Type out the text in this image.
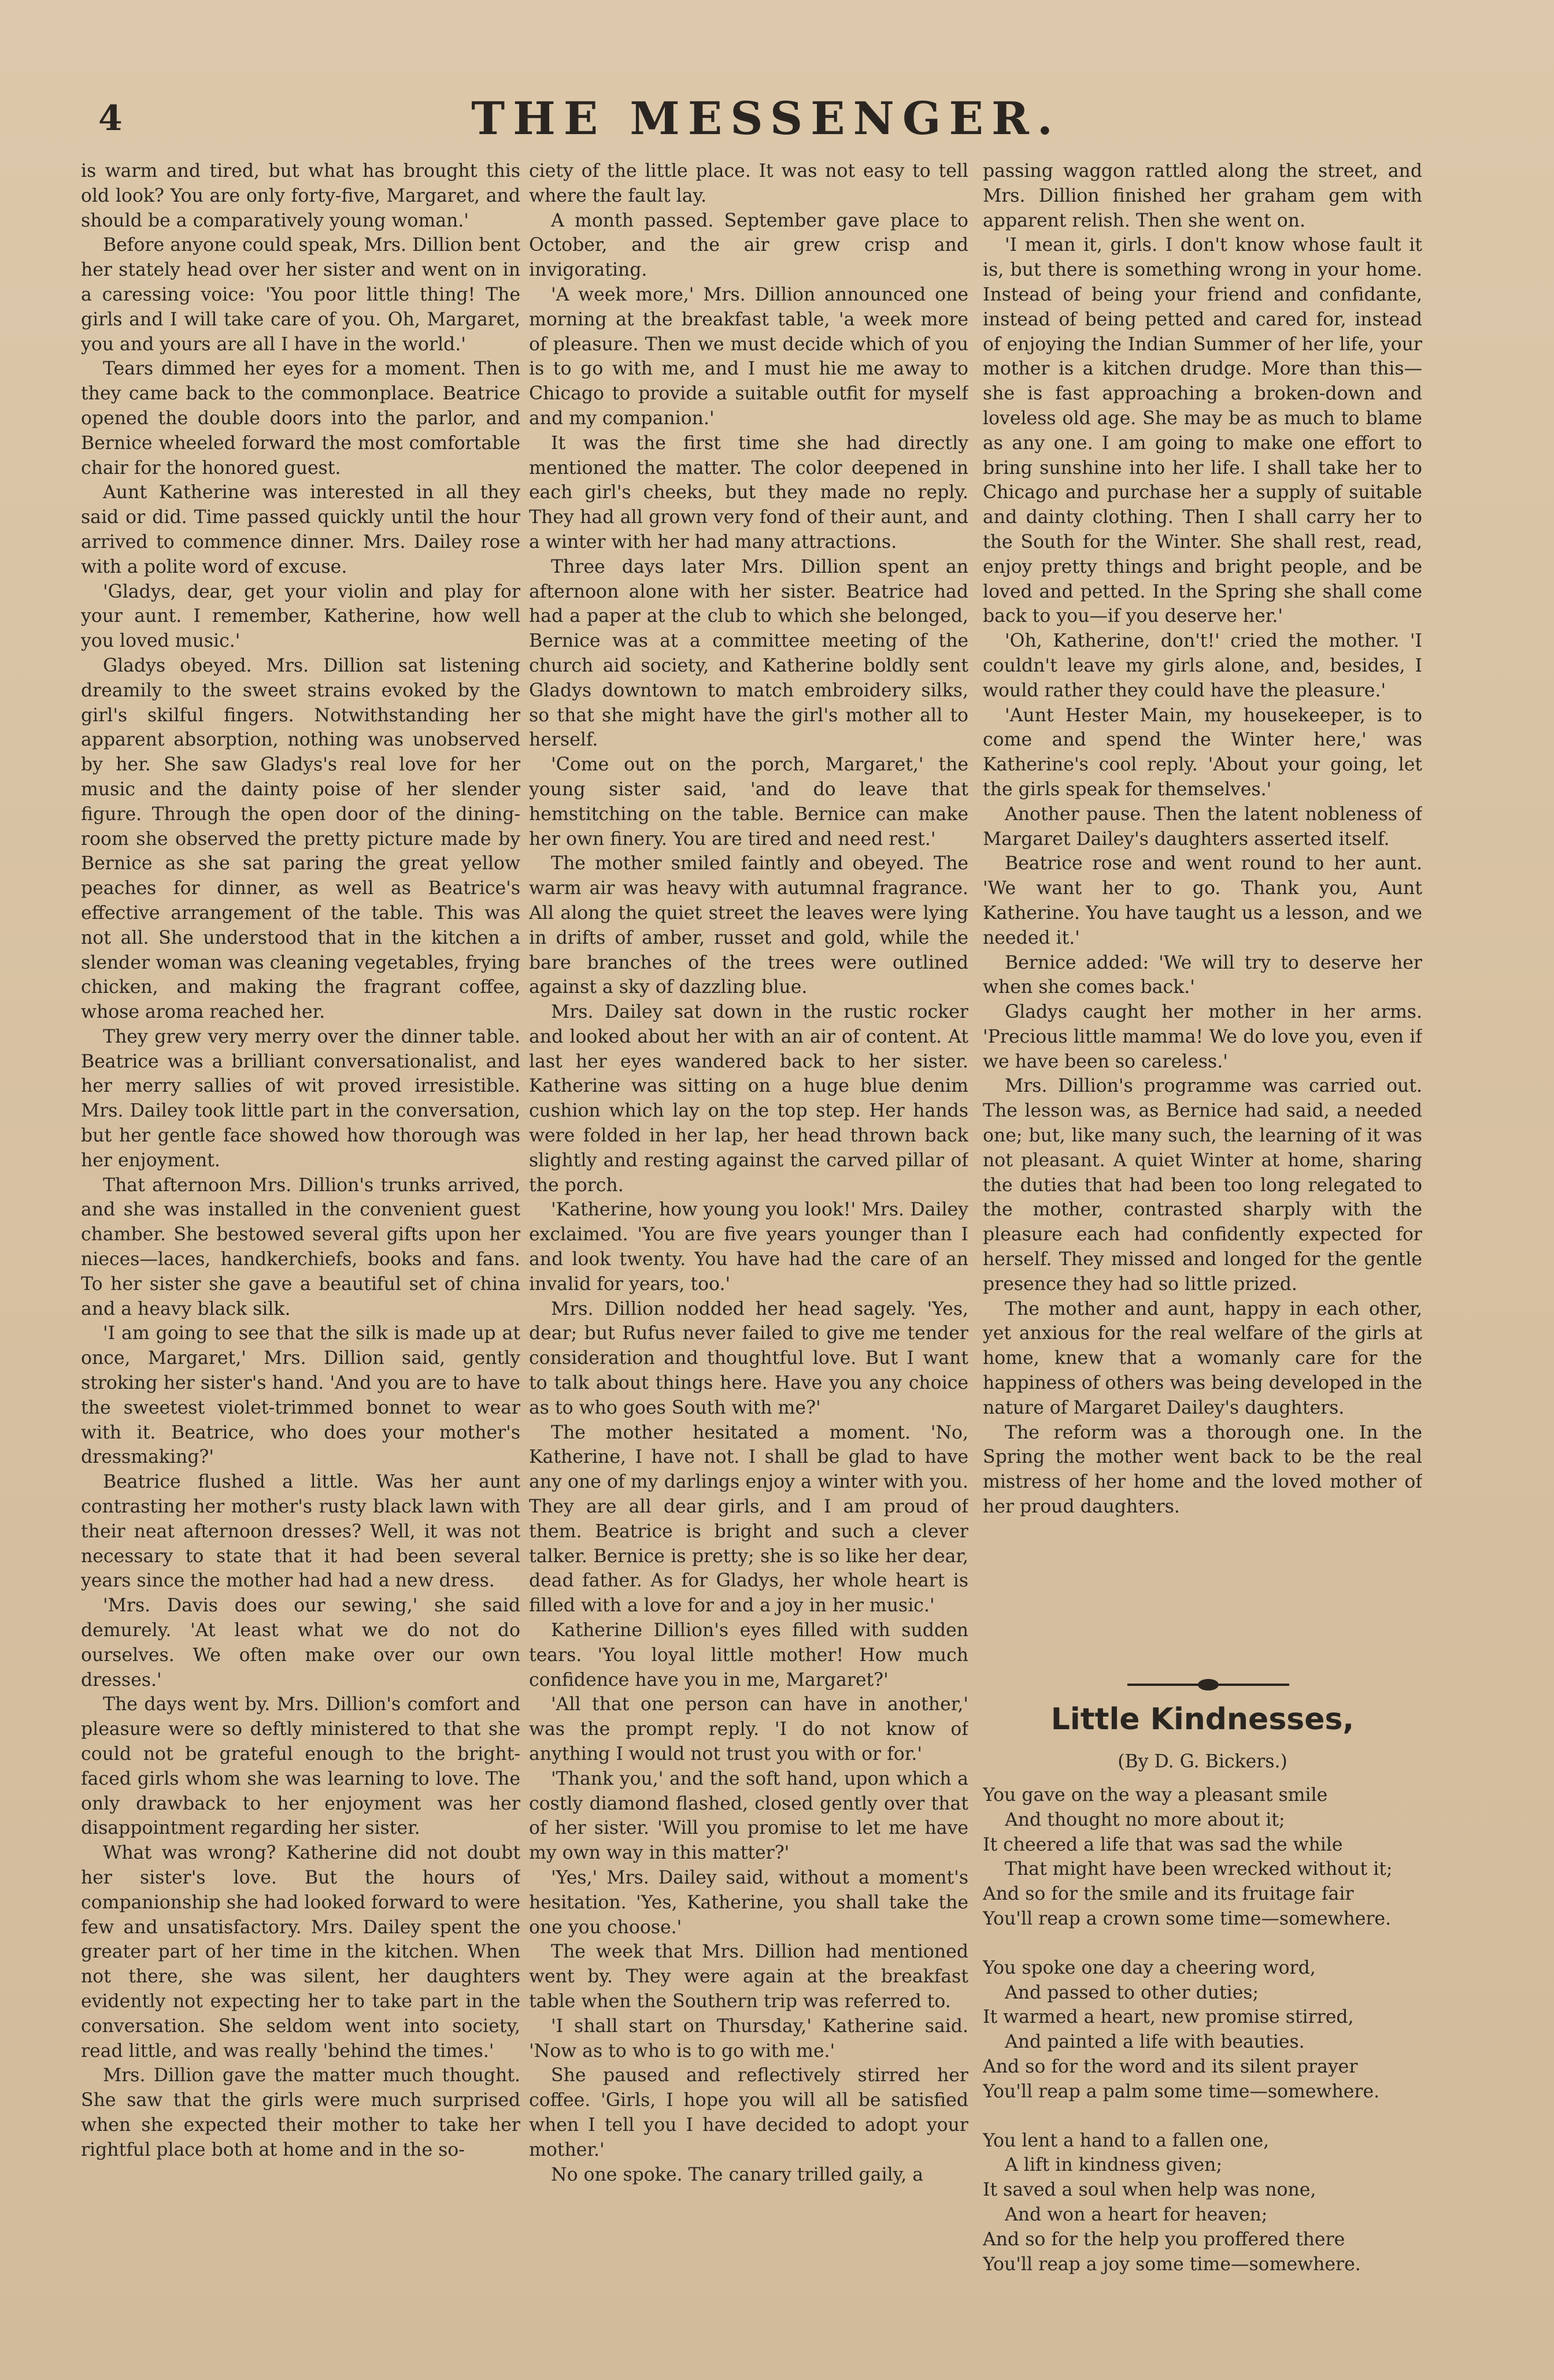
4	THE MESSENGER.

is warm and tired, but what has brought this old look? You are only forty-five, Margaret, and should be a comparatively young woman.'

Before anyone could speak, Mrs. Dillion bent her stately head over her sister and went on in a caressing voice: 'You poor little thing! The girls and I will take care of you. Oh, Margaret, you and yours are all I have in the world.'

Tears dimmed her eyes for a moment. Then they came back to the commonplace. Beatrice opened the double doors into the parlor, and Bernice wheeled forward the most comfortable chair for the honored guest.

Aunt Katherine was interested in all they said or did. Time passed quickly until the hour arrived to commence dinner. Mrs. Dailey rose with a polite word of excuse.

'Gladys, dear, get your violin and play for your aunt. I remember, Katherine, how well you loved music.'

Gladys obeyed. Mrs. Dillion sat listening dreamily to the sweet strains evoked by the girl's skilful fingers. Notwithstanding her apparent absorption, nothing was unobserved by her. She saw Gladys's real love for her music and the dainty poise of her slender figure. Through the open door of the dining-room she observed the pretty picture made by Bernice as she sat paring the great yellow peaches for dinner, as well as Beatrice's effective arrangement of the table. This was not all. She understood that in the kitchen a slender woman was cleaning vegetables, frying chicken, and making the fragrant coffee, whose aroma reached her.

They grew very merry over the dinner table. Beatrice was a brilliant conversationalist, and her merry sallies of wit proved irresistible. Mrs. Dailey took little part in the conversation, but her gentle face showed how thorough was her enjoyment.

That afternoon Mrs. Dillion's trunks arrived, and she was installed in the convenient guest chamber. She bestowed several gifts upon her nieces—laces, handkerchiefs, books and fans. To her sister she gave a beautiful set of china and a heavy black silk.

'I am going to see that the silk is made up at once, Margaret,' Mrs. Dillion said, gently stroking her sister's hand. 'And you are to have the sweetest violet-trimmed bonnet to wear with it. Beatrice, who does your mother's dressmaking?'

Beatrice flushed a little. Was her aunt contrasting her mother's rusty black lawn with their neat afternoon dresses? Well, it was not necessary to state that it had been several years since the mother had had a new dress.

'Mrs. Davis does our sewing,' she said demurely. 'At least what we do not do ourselves. We often make over our own dresses.'

The days went by. Mrs. Dillion's comfort and pleasure were so deftly ministered to that she could not be grateful enough to the bright-faced girls whom she was learning to love. The only drawback to her enjoyment was her disappointment regarding her sister.

What was wrong? Katherine did not doubt her sister's love. But the hours of companionship she had looked forward to were few and unsatisfactory. Mrs. Dailey spent the greater part of her time in the kitchen. When not there, she was silent, her daughters evidently not expecting her to take part in the conversation. She seldom went into society, read little, and was really 'behind the times.'

Mrs. Dillion gave the matter much thought. She saw that the girls were much surprised when she expected their mother to take her rightful place both at home and in the so-

ciety of the little place. It was not easy to tell where the fault lay.

A month passed. September gave place to October, and the air grew crisp and invigorating.

'A week more,' Mrs. Dillion announced one morning at the breakfast table, 'a week more of pleasure. Then we must decide which of you is to go with me, and I must hie me away to Chicago to provide a suitable outfit for myself and my companion.'

It was the first time she had directly mentioned the matter. The color deepened in each girl's cheeks, but they made no reply. They had all grown very fond of their aunt, and a winter with her had many attractions.

Three days later Mrs. Dillion spent an afternoon alone with her sister. Beatrice had had a paper at the club to which she belonged, Bernice was at a committee meeting of the church aid society, and Katherine boldly sent Gladys downtown to match embroidery silks, so that she might have the girl's mother all to herself.

'Come out on the porch, Margaret,' the young sister said, 'and do leave that hemstitching on the table. Bernice can make her own finery. You are tired and need rest.'

The mother smiled faintly and obeyed. The warm air was heavy with autumnal fragrance. All along the quiet street the leaves were lying in drifts of amber, russet and gold, while the bare branches of the trees were outlined against a sky of dazzling blue.

Mrs. Dailey sat down in the rustic rocker and looked about her with an air of content. At last her eyes wandered back to her sister. Katherine was sitting on a huge blue denim cushion which lay on the top step. Her hands were folded in her lap, her head thrown back slightly and resting against the carved pillar of the porch.

'Katherine, how young you look!' Mrs. Dailey exclaimed. 'You are five years younger than I and look twenty. You have had the care of an invalid for years, too.'

Mrs. Dillion nodded her head sagely. 'Yes, dear; but Rufus never failed to give me tender consideration and thoughtful love. But I want to talk about things here. Have you any choice as to who goes South with me?'

The mother hesitated a moment. 'No, Katherine, I have not. I shall be glad to have any one of my darlings enjoy a winter with you. They are all dear girls, and I am proud of them. Beatrice is bright and such a clever talker. Bernice is pretty; she is so like her dear, dead father. As for Gladys, her whole heart is filled with a love for and a joy in her music.'

Katherine Dillion's eyes filled with sudden tears. 'You loyal little mother! How much confidence have you in me, Margaret?'

'All that one person can have in another,' was the prompt reply. 'I do not know of anything I would not trust you with or for.'

'Thank you,' and the soft hand, upon which a costly diamond flashed, closed gently over that of her sister. 'Will you promise to let me have my own way in this matter?'

'Yes,' Mrs. Dailey said, without a moment's hesitation. 'Yes, Katherine, you shall take the one you choose.'

The week that Mrs. Dillion had mentioned went by. They were again at the breakfast table when the Southern trip was referred to.

'I shall start on Thursday,' Katherine said. 'Now as to who is to go with me.'

She paused and reflectively stirred her coffee. 'Girls, I hope you will all be satisfied when I tell you I have decided to adopt your mother.'

No one spoke. The canary trilled gaily, a

passing waggon rattled along the street, and Mrs. Dillion finished her graham gem with apparent relish. Then she went on.

'I mean it, girls. I don't know whose fault it is, but there is something wrong in your home. Instead of being your friend and confidante, instead of being petted and cared for, instead of enjoying the Indian Summer of her life, your mother is a kitchen drudge. More than this—she is fast approaching a broken-down and loveless old age. She may be as much to blame as any one. I am going to make one effort to bring sunshine into her life. I shall take her to Chicago and purchase her a supply of suitable and dainty clothing. Then I shall carry her to the South for the Winter. She shall rest, read, enjoy pretty things and bright people, and be loved and petted. In the Spring she shall come back to you—if you deserve her.'

'Oh, Katherine, don't!' cried the mother. 'I couldn't leave my girls alone, and, besides, I would rather they could have the pleasure.'

'Aunt Hester Main, my housekeeper, is to come and spend the Winter here,' was Katherine's cool reply. 'About your going, let the girls speak for themselves.'

Another pause. Then the latent nobleness of Margaret Dailey's daughters asserted itself.

Beatrice rose and went round to her aunt. 'We want her to go. Thank you, Aunt Katherine. You have taught us a lesson, and we needed it.'

Bernice added: 'We will try to deserve her when she comes back.'

Gladys caught her mother in her arms. 'Precious little mamma! We do love you, even if we have been so careless.'

Mrs. Dillion's programme was carried out. The lesson was, as Bernice had said, a needed one; but, like many such, the learning of it was not pleasant. A quiet Winter at home, sharing the duties that had been too long relegated to the mother, contrasted sharply with the pleasure each had confidently expected for herself. They missed and longed for the gentle presence they had so little prized.

The mother and aunt, happy in each other, yet anxious for the real welfare of the girls at home, knew that a womanly care for the happiness of others was being developed in the nature of Margaret Dailey's daughters.

The reform was a thorough one. In the Spring the mother went back to be the real mistress of her home and the loved mother of her proud daughters.

Little Kindnesses,
(By D. G. Bickers.)
You gave on the way a pleasant smile
And thought no more about it;
It cheered a life that was sad the while
That might have been wrecked without it;
And so for the smile and its fruitage fair
You'll reap a crown some time—somewhere.
You spoke one day a cheering word,
And passed to other duties;
It warmed a heart, new promise stirred,
And painted a life with beauties.
And so for the word and its silent prayer
You'll reap a palm some time—somewhere.
You lent a hand to a fallen one,
A lift in kindness given;
It saved a soul when help was none,
And won a heart for heaven;
And so for the help you proffered there
You'll reap a joy some time—somewhere.
